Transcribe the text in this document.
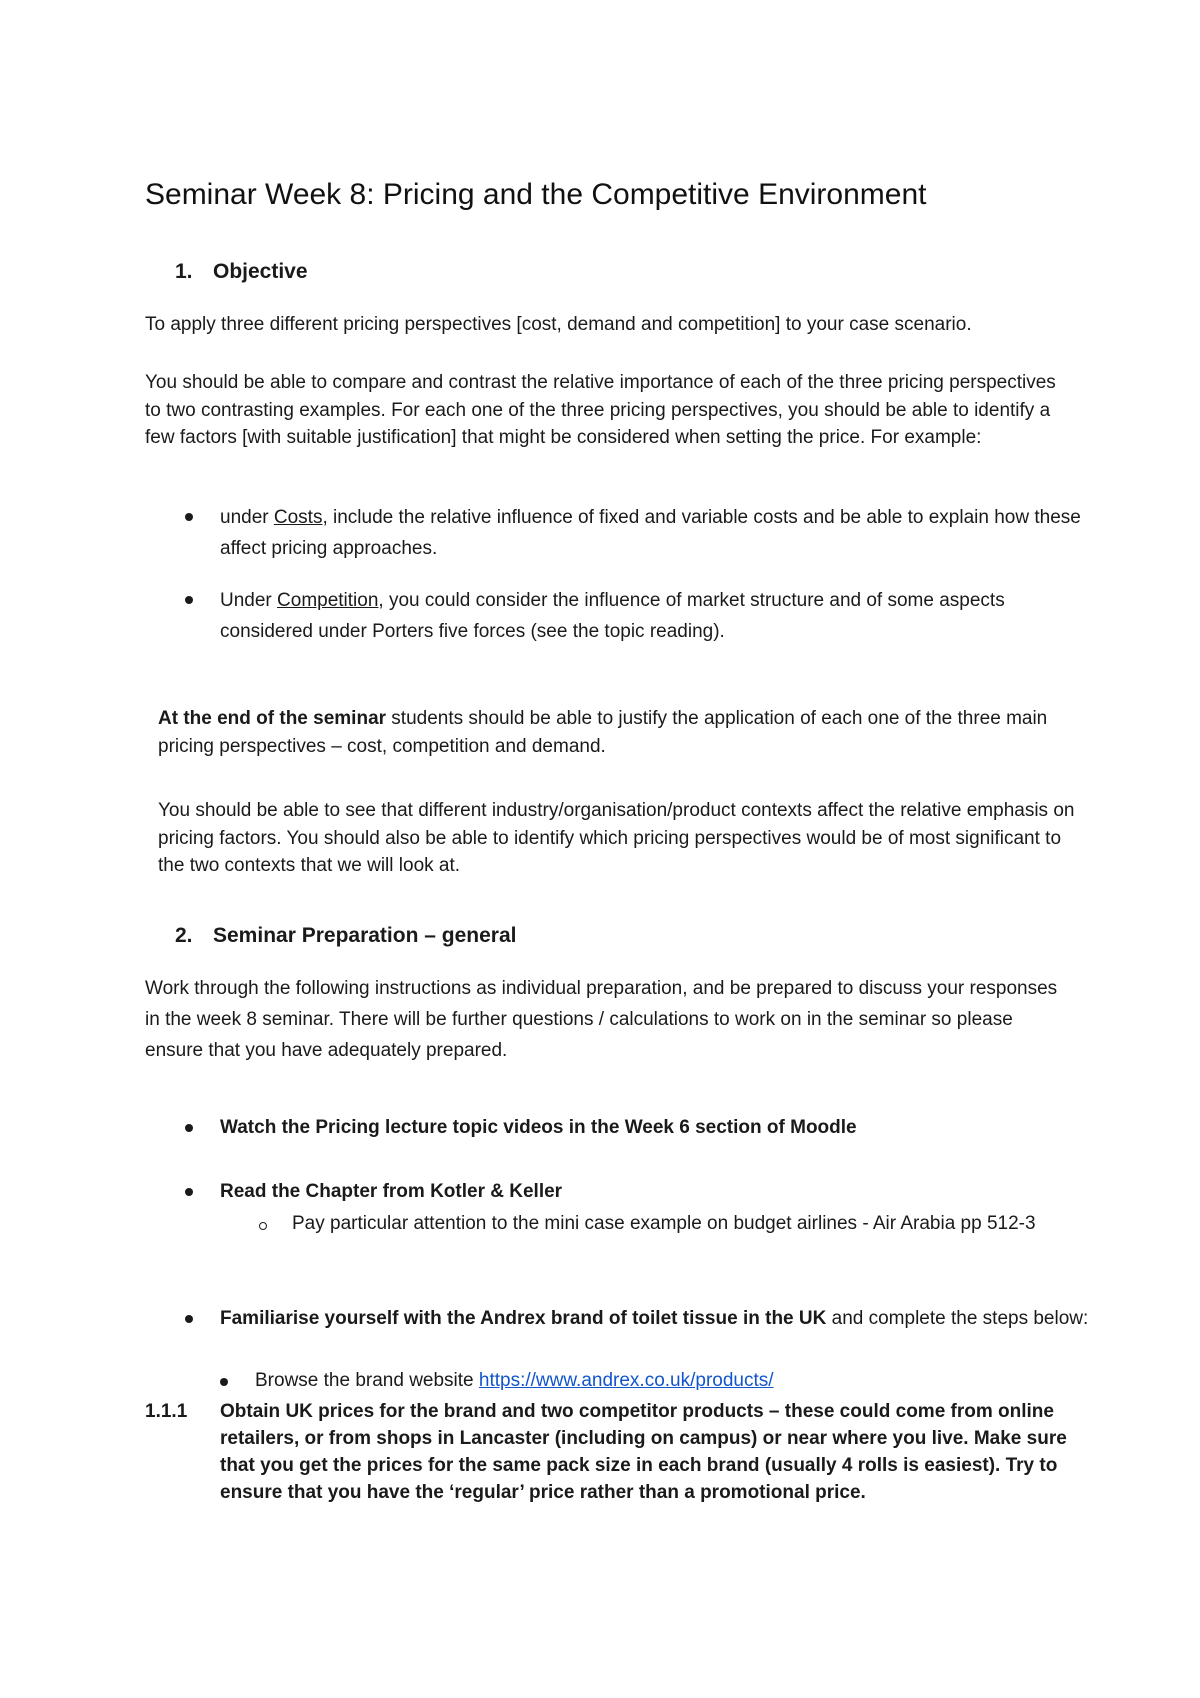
Seminar Week 8: Pricing and the Competitive Environment
1. Objective
To apply three different pricing perspectives [cost, demand and competition] to your case scenario.
You should be able to compare and contrast the relative importance of each of the three pricing perspectives to two contrasting examples. For each one of the three pricing perspectives, you should be able to identify a few factors [with suitable justification] that might be considered when setting the price. For example:
under Costs, include the relative influence of fixed and variable costs and be able to explain how these affect pricing approaches.
Under Competition, you could consider the influence of market structure and of some aspects considered under Porters five forces (see the topic reading).
At the end of the seminar students should be able to justify the application of each one of the three main pricing perspectives – cost, competition and demand.
You should be able to see that different industry/organisation/product contexts affect the relative emphasis on pricing factors. You should also be able to identify which pricing perspectives would be of most significant to the two contexts that we will look at.
2. Seminar Preparation – general
Work through the following instructions as individual preparation, and be prepared to discuss your responses in the week 8 seminar. There will be further questions / calculations to work on in the seminar so please ensure that you have adequately prepared.
Watch the Pricing lecture topic videos in the Week 6 section of Moodle
Read the Chapter from Kotler & Keller
Pay particular attention to the mini case example on budget airlines - Air Arabia pp 512-3
Familiarise yourself with the Andrex brand of toilet tissue in the UK and complete the steps below:
Browse the brand website https://www.andrex.co.uk/products/
1.1.1 Obtain UK prices for the brand and two competitor products – these could come from online retailers, or from shops in Lancaster (including on campus) or near where you live. Make sure that you get the prices for the same pack size in each brand (usually 4 rolls is easiest). Try to ensure that you have the ‘regular’ price rather than a promotional price.
